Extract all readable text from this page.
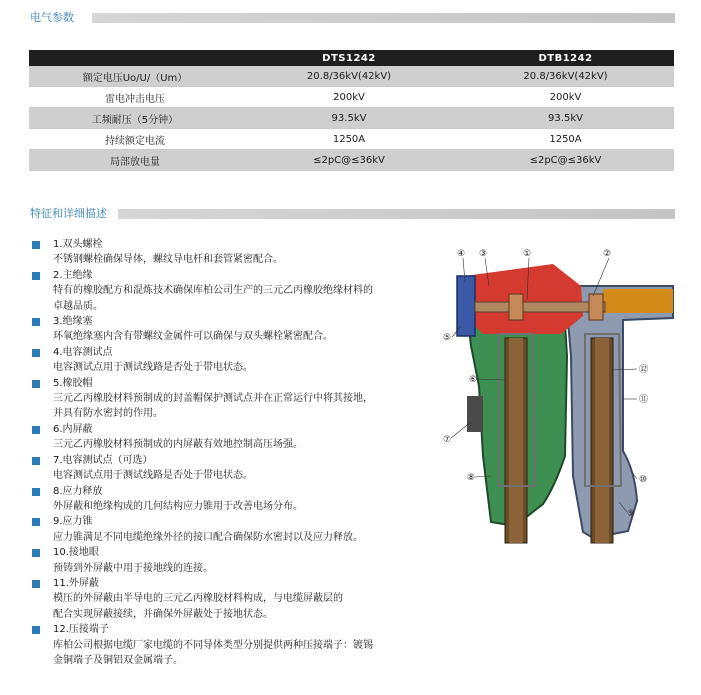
电气参数
	DTS1242	DTB1242
额定电压Uo/U/（Um）	20.8/36kV(42kV)	20.8/36kV(42kV)
雷电冲击电压	200kV	200kV
工频耐压（5分钟）	93.5kV	93.5kV
持续额定电流	1250A	1250A
局部放电量	≤2pC@≤36kV	≤2pC@≤36kV
特征和详细描述
1.双头螺栓
不锈钢螺栓确保导体，螺纹导电杆和套管紧密配合。
2.主绝缘
特有的橡胶配方和混炼技术确保库柏公司生产的三元乙丙橡胶绝缘材料的
卓越品质。
3.绝缘塞
环氧绝缘塞内含有带螺纹金属件可以确保与双头螺栓紧密配合。
4.电容测试点
电容测试点用于测试线路是否处于带电状态。
5.橡胶帽
三元乙丙橡胶材料预制成的封盖帽保护测试点并在正常运行中将其接地，
并具有防水密封的作用。
6.内屏蔽
三元乙丙橡胶材料预制成的内屏蔽有效地控制高压场强。
7.电容测试点（可选）
电容测试点用于测试线路是否处于带电状态。
8.应力释放
外屏蔽和绝缘构成的几何结构应力锥用于改善电场分布。
9.应力锥
应力锥满足不同电缆绝缘外径的接口配合确保防水密封以及应力释放。
10.接地眼
预铸到外屏蔽中用于接地线的连接。
11.外屏蔽
模压的外屏蔽由半导电的三元乙丙橡胶材料构成，与电缆屏蔽层的
配合实现屏蔽接续，并确保外屏蔽处于接地状态。
12.压接端子
库柏公司根据电缆厂家电缆的不同导体类型分别提供两种压接端子：镀锡
金铜端子及铜铝双金属端子。
④ ③	①	②
⑤
⑥
⑫
⑪
⑦
⑧	⑩
⑨
